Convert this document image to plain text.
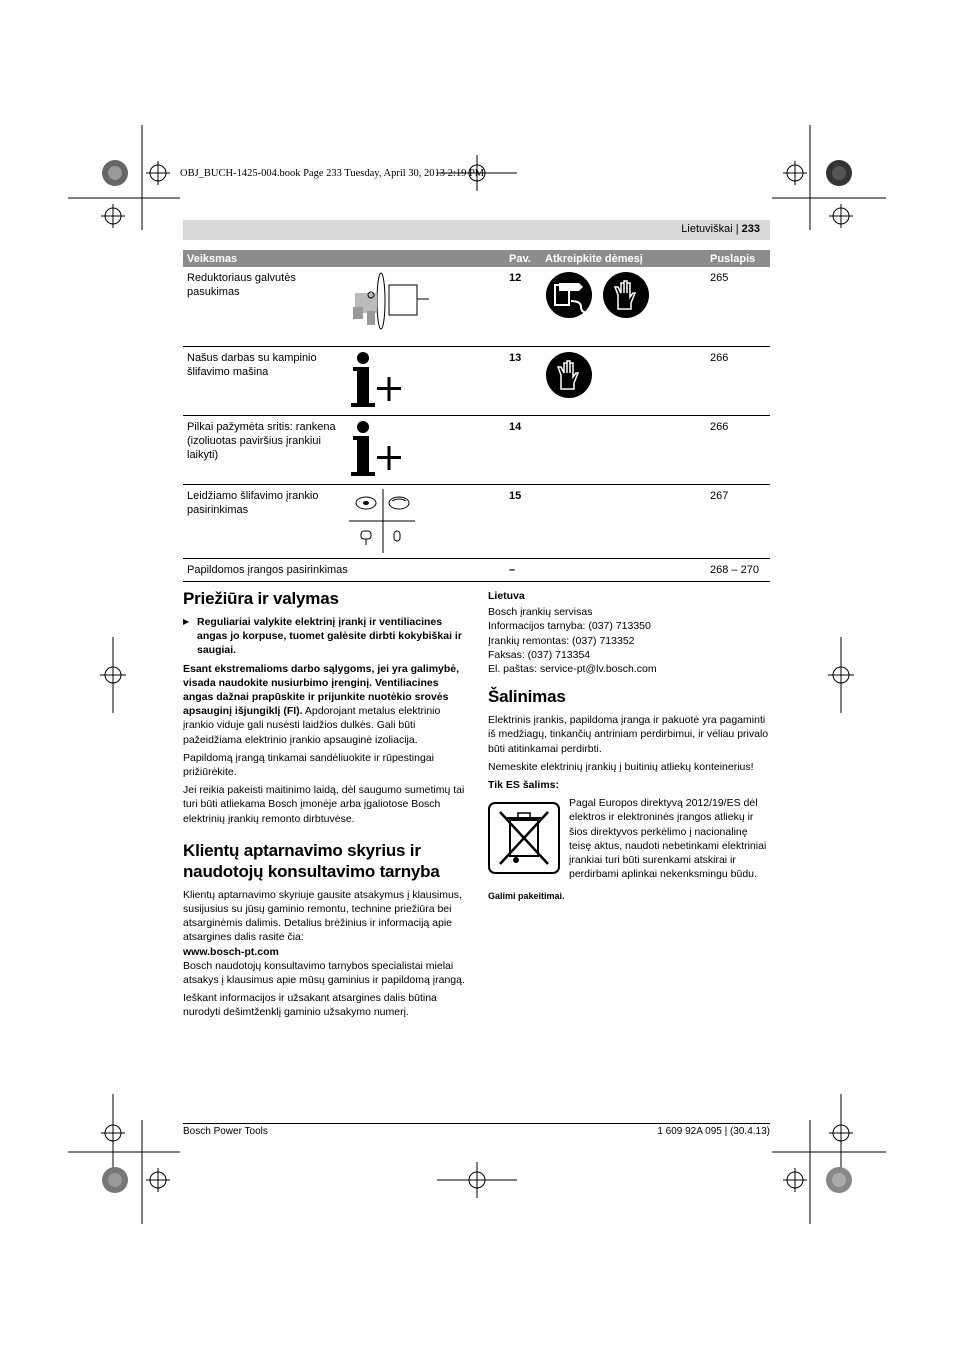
OBJ_BUCH-1425-004.book Page 233 Tuesday, April 30, 2013 2:19 PM
Lietuviškai | 233
Veiksmas		Pav.	Atkreipkite dėmesį	Puslapis
Reduktoriaus galvutės pasukimas		12		265
Našus darbas su kampinio šlifavimo mašina		13		266
Pilkai pažymėta sritis: rankena (izoliuotas paviršius įrankiui laikyti)		14		266
Leidžiamo šlifavimo įrankio pasirinkimas		15		267
Papildomos įrangos pasirinkimas		–		268 – 270
Priežiūra ir valymas

▶ Reguliariai valykite elektrinį įrankį ir ventiliacines angas jo korpuse, tuomet galėsite dirbti kokybiškai ir saugiai.

Esant ekstremalioms darbo sąlygoms, jei yra galimybė, visada naudokite nusiurbimo įrenginį. Ventiliacines angas dažnai prapūskite ir prijunkite nuotėkio srovės apsauginį išjungiklį (FI). Apdorojant metalus elektrinio įrankio viduje gali nusėsti laidžios dulkės. Gali būti pažeidžiama elektrinio įrankio apsauginė izoliacija.

Papildomą įrangą tinkamai sandėliuokite ir rūpestingai prižiūrėkite.

Jei reikia pakeisti maitinimo laidą, dėl saugumo sumetimų tai turi būti atliekama Bosch įmonėje arba įgaliotose Bosch elektrinių įrankių remonto dirbtuvėse.

Klientų aptarnavimo skyrius ir naudotojų konsultavimo tarnyba

Klientų aptarnavimo skyriuje gausite atsakymus į klausimus, susijusius su jūsų gaminio remontu, technine priežiūra bei atsarginėmis dalimis. Detalius brėžinius ir informaciją apie atsargines dalis rasite čia:
www.bosch-pt.com

Bosch naudotojų konsultavimo tarnybos specialistai mielai atsakys į klausimus apie mūsų gaminius ir papildomą įrangą.

Ieškant informacijos ir užsakant atsargines dalis būtina nurodyti dešimtženklį gaminio užsakymo numerį.

Lietuva

Bosch įrankių servisas
Informacijos tarnyba: (037) 713350
Įrankių remontas: (037) 713352
Faksas: (037) 713354
El. paštas: service-pt@lv.bosch.com

Šalinimas

Elektrinis įrankis, papildoma įranga ir pakuotė yra pagaminti iš medžiagų, tinkančių antriniam perdirbimui, ir vėliau privalo būti atitinkamai perdirbti.

Nemeskite elektrinių įrankių į buitinių atliekų konteinerius!

Tik ES šalims:

Pagal Europos direktyvą 2012/19/ES dėl elektros ir elektroninės įrangos atliekų ir šios direktyvos perkėlimo į nacionalinę teisę aktus, naudoti nebetinkami elektriniai įrankiai turi būti surenkami atskirai ir perdirbami aplinkai nekenksmingu būdu.

Galimi pakeitimai.

Bosch Power Tools	1 609 92A 095 | (30.4.13)
